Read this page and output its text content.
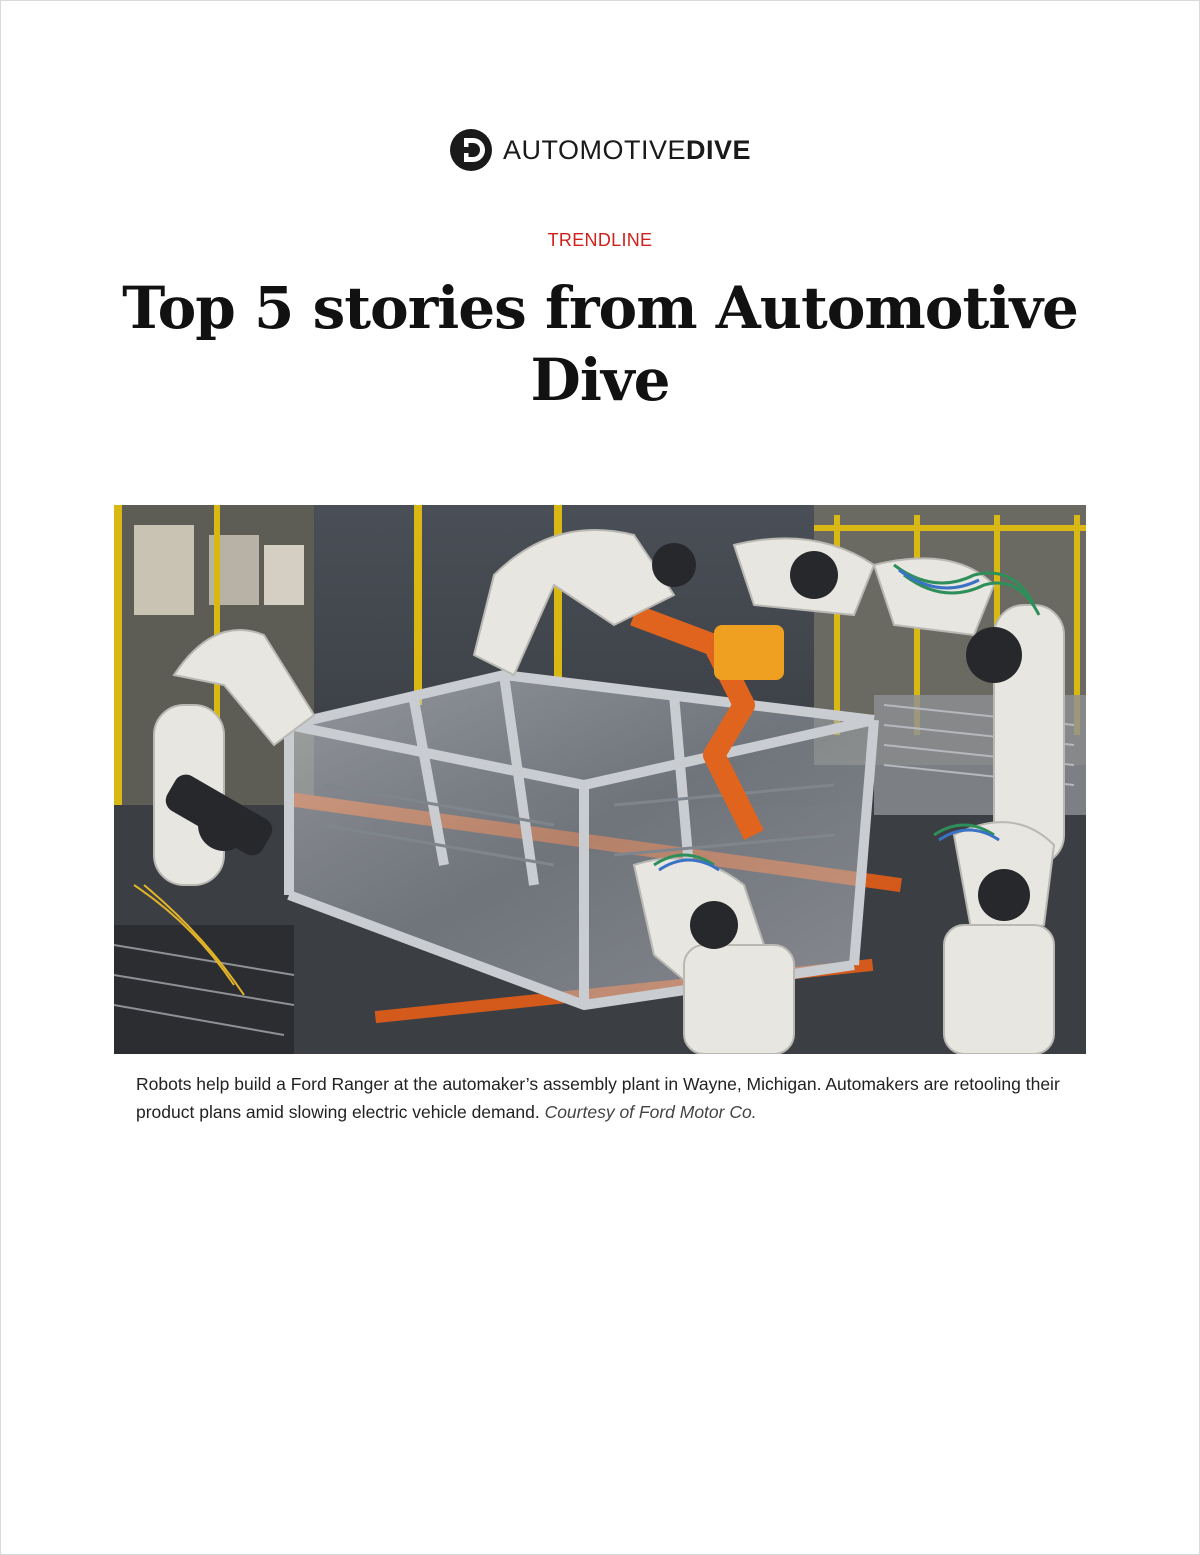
AUTOMOTIVEDIVE
TRENDLINE
Top 5 stories from Automotive
Dive

Robots help build a Ford Ranger at the automaker’s assembly plant in Wayne, Michigan. Automakers are retooling their product plans amid slowing electric vehicle demand. Courtesy of Ford Motor Co.
